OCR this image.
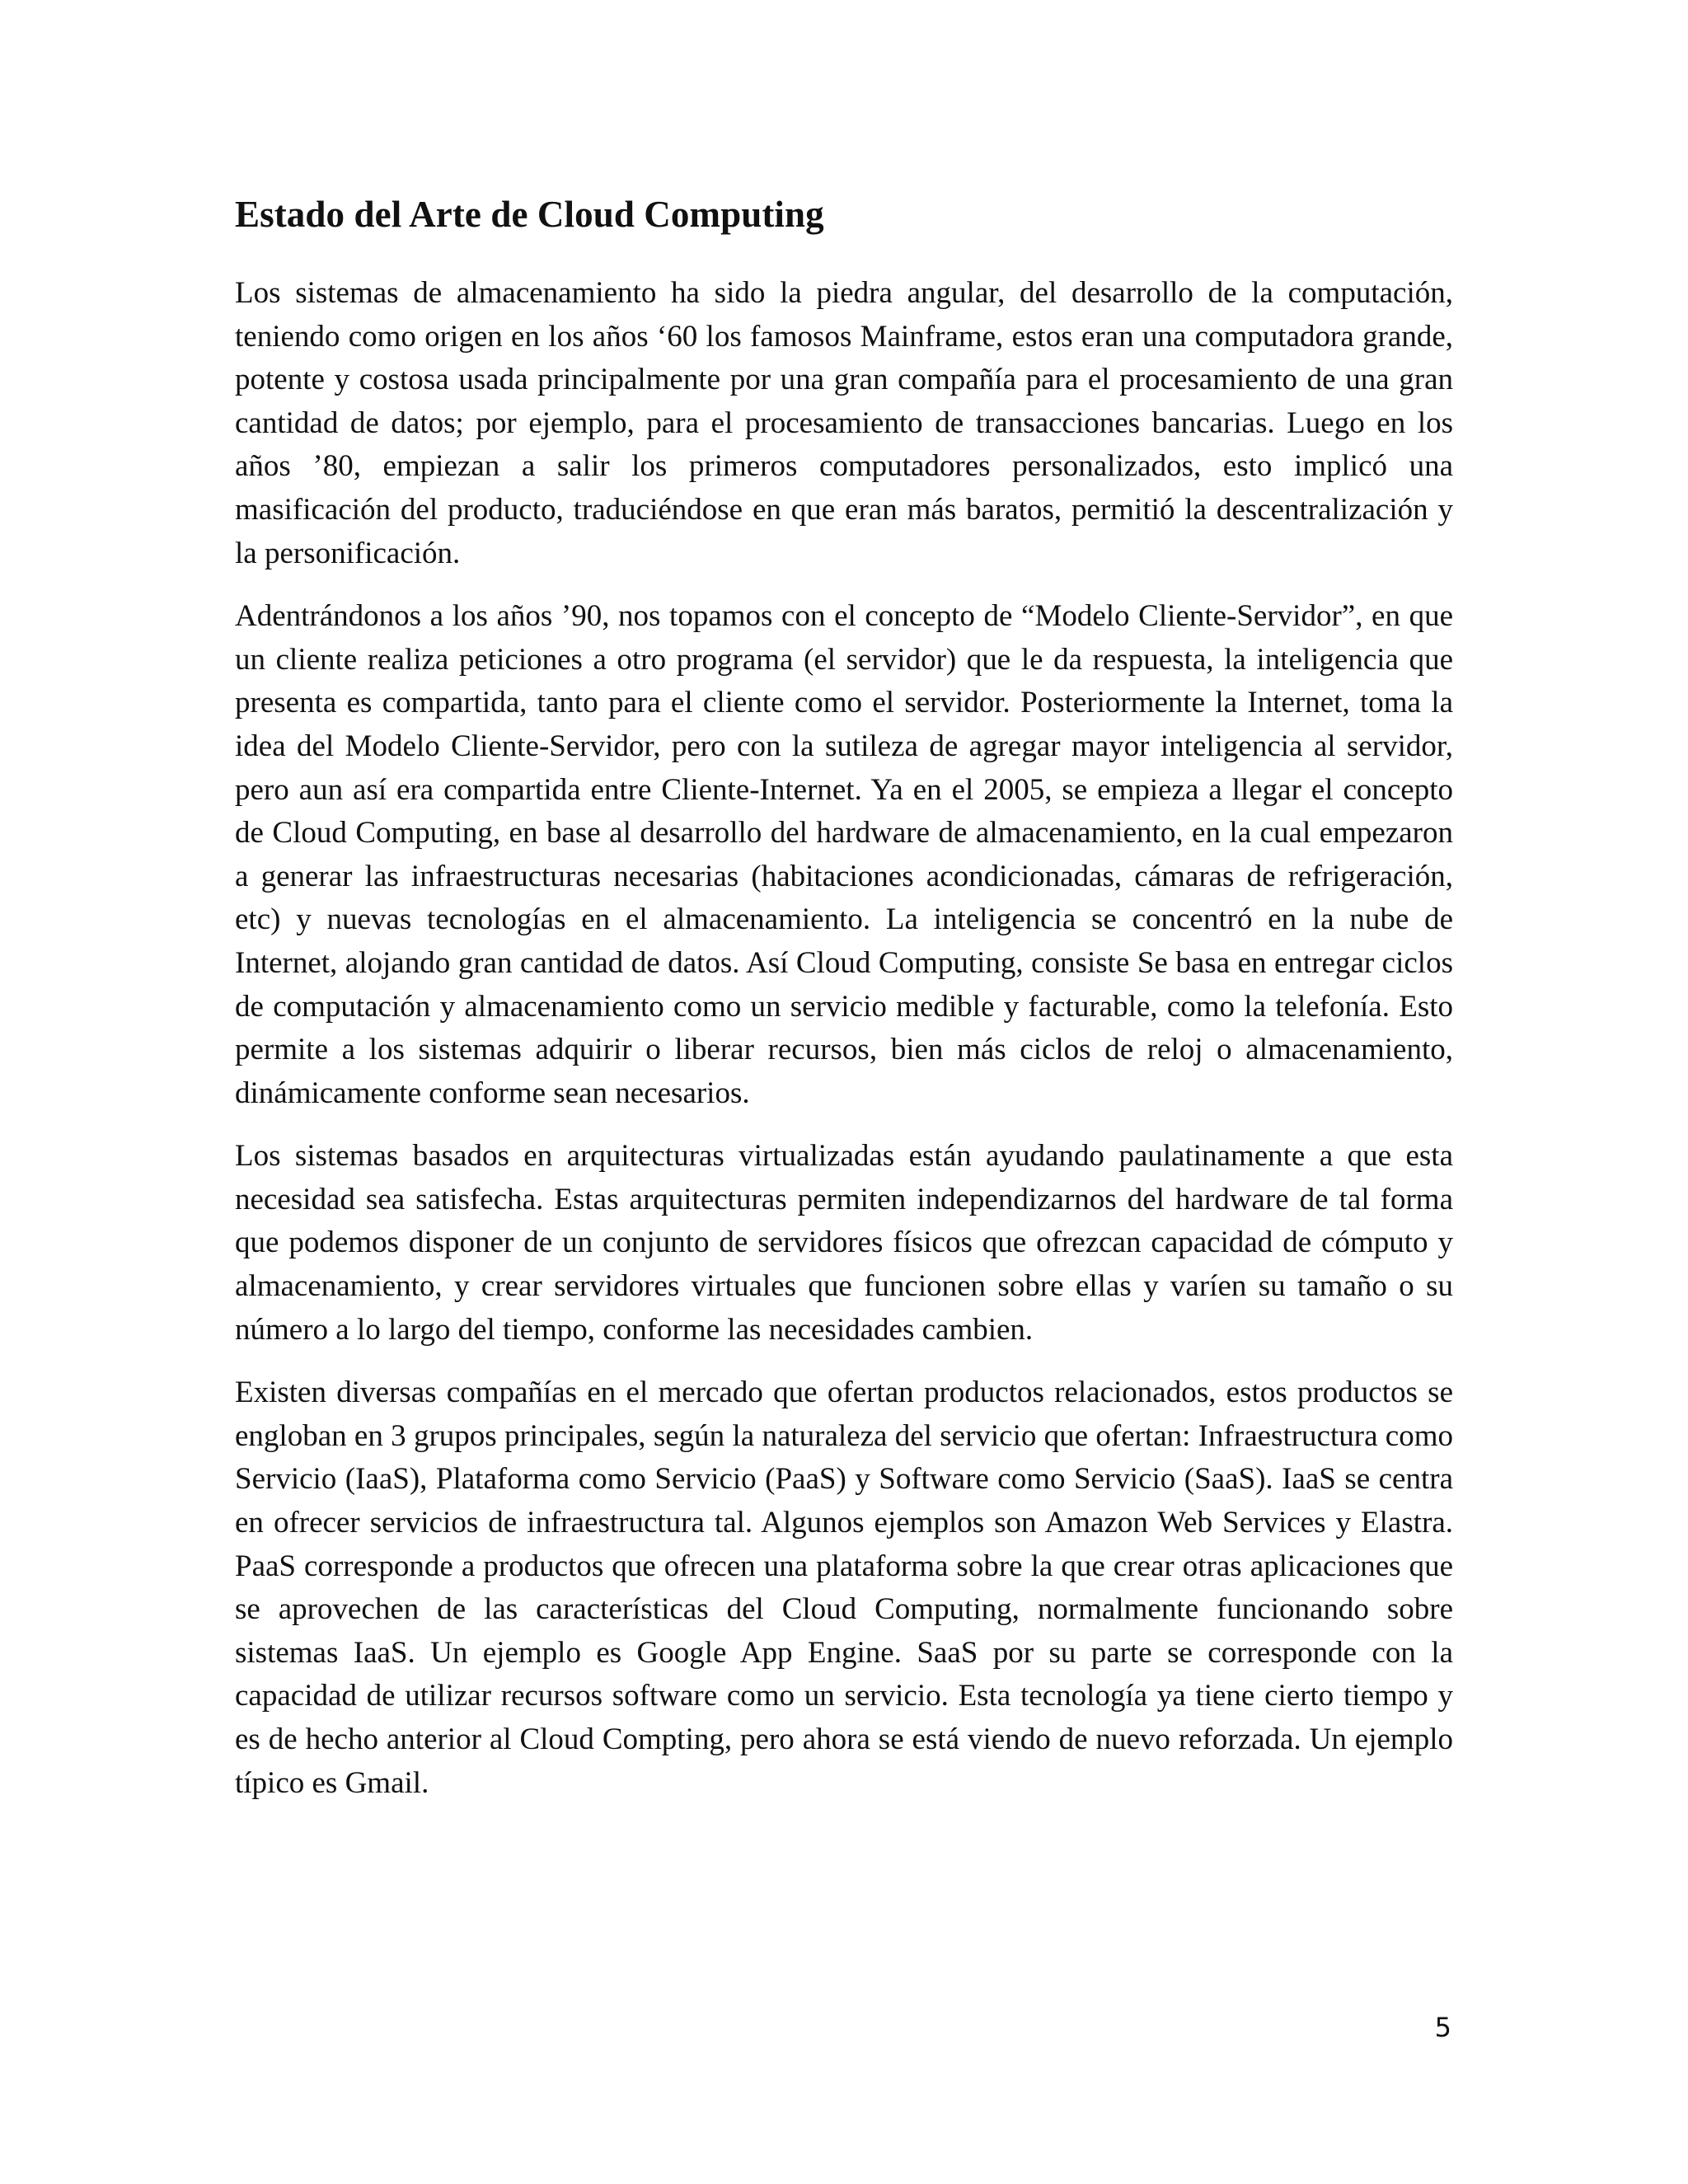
Estado del Arte de Cloud Computing

Los sistemas de almacenamiento ha sido la piedra angular, del desarrollo de la computación, teniendo como origen en los años ‘60 los famosos Mainframe, estos eran una computadora grande, potente y costosa usada principalmente por una gran compañía para el procesamiento de una gran cantidad de datos; por ejemplo, para el procesamiento de transacciones bancarias. Luego en los años ’80, empiezan a salir los primeros computadores personalizados, esto implicó una masificación del producto, traduciéndose en que eran más baratos, permitió la descentralización y la personificación.

Adentrándonos a los años ’90, nos topamos con el concepto de “Modelo Cliente-Servidor”, en que un cliente realiza peticiones a otro programa (el servidor) que le da respuesta, la inteligencia que presenta es compartida, tanto para el cliente como el servidor. Posteriormente la Internet, toma la idea del Modelo Cliente-Servidor, pero con la sutileza de agregar mayor inteligencia al servidor, pero aun así era compartida entre Cliente-Internet. Ya en el 2005, se empieza a llegar el concepto de Cloud Computing, en base al desarrollo del hardware de almacenamiento, en la cual empezaron a generar las infraestructuras necesarias (habitaciones acondicionadas, cámaras de refrigeración, etc) y nuevas tecnologías en el almacenamiento. La inteligencia se concentró en la nube de Internet, alojando gran cantidad de datos. Así Cloud Computing, consiste Se basa en entregar ciclos de computación y almacenamiento como un servicio medible y facturable, como la telefonía. Esto permite a los sistemas adquirir o liberar recursos, bien más ciclos de reloj o almacenamiento, dinámicamente conforme sean necesarios.

Los sistemas basados en arquitecturas virtualizadas están ayudando paulatinamente a que esta necesidad sea satisfecha. Estas arquitecturas permiten independizarnos del hardware de tal forma que podemos disponer de un conjunto de servidores físicos que ofrezcan capacidad de cómputo y almacenamiento, y crear servidores virtuales que funcionen sobre ellas y varíen su tamaño o su número a lo largo del tiempo, conforme las necesidades cambien.

Existen diversas compañías en el mercado que ofertan productos relacionados, estos productos se engloban en 3 grupos principales, según la naturaleza del servicio que ofertan: Infraestructura como Servicio (IaaS), Plataforma como Servicio (PaaS) y Software como Servicio (SaaS). IaaS se centra en ofrecer servicios de infraestructura tal. Algunos ejemplos son Amazon Web Services y Elastra. PaaS corresponde a productos que ofrecen una plataforma sobre la que crear otras aplicaciones que se aprovechen de las características del Cloud Computing, normalmente funcionando sobre sistemas IaaS. Un ejemplo es Google App Engine. SaaS por su parte se corresponde con la capacidad de utilizar recursos software como un servicio. Esta tecnología ya tiene cierto tiempo y es de hecho anterior al Cloud Compting, pero ahora se está viendo de nuevo reforzada. Un ejemplo típico es Gmail.

5
